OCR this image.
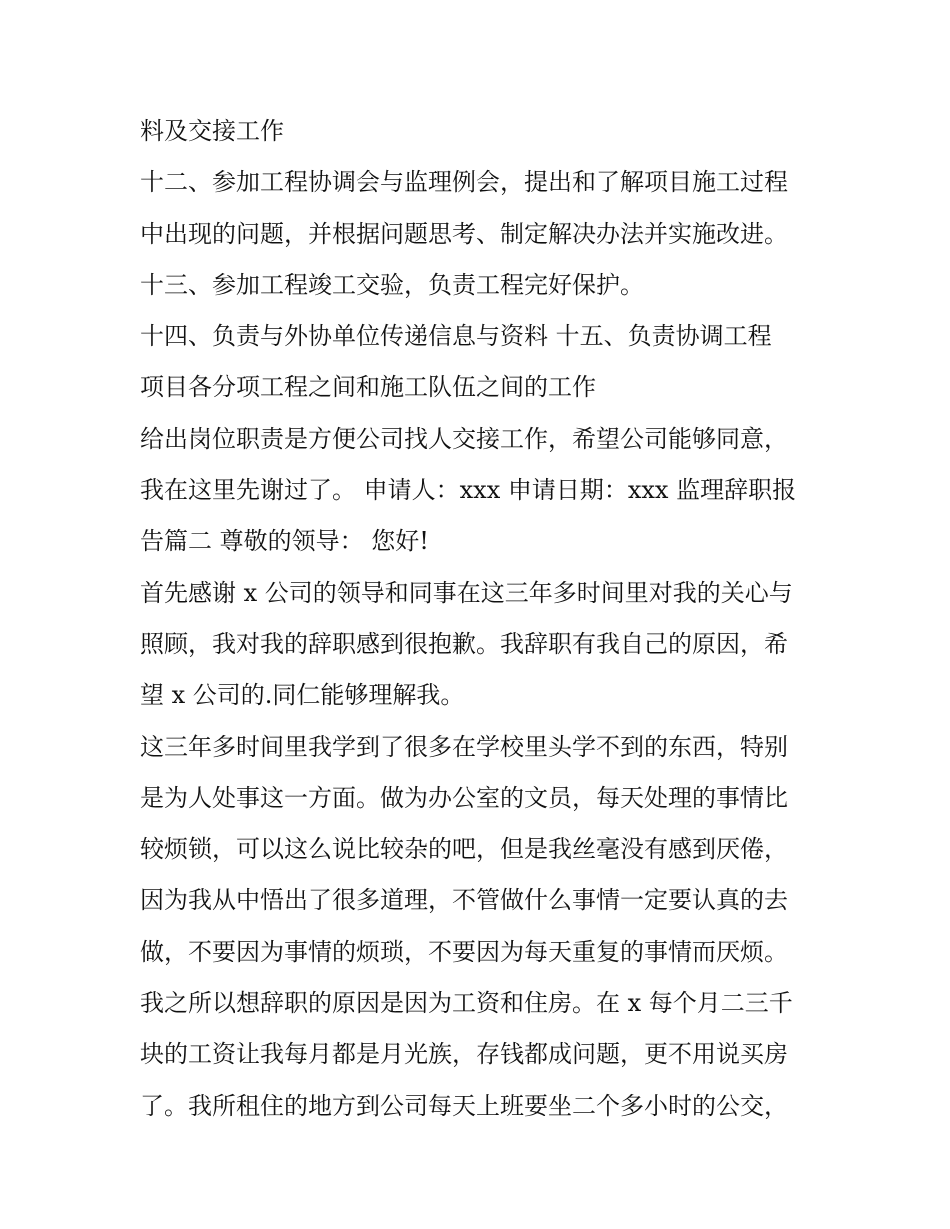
料及交接工作
十二、参加工程协调会与监理例会，提出和了解项目施工过程
中出现的问题，并根据问题思考、制定解决办法并实施改进。
十三、参加工程竣工交验，负责工程完好保护。
十四、负责与外协单位传递信息与资料 十五、负责协调工程
项目各分项工程之间和施工队伍之间的工作
给出岗位职责是方便公司找人交接工作，希望公司能够同意，
我在这里先谢过了。 申请人：xxx 申请日期：xxx 监理辞职报
告篇二 尊敬的领导： 您好!
首先感谢 x 公司的领导和同事在这三年多时间里对我的关心与
照顾，我对我的辞职感到很抱歉。我辞职有我自己的原因，希
望 x 公司的.同仁能够理解我。
这三年多时间里我学到了很多在学校里头学不到的东西，特别
是为人处事这一方面。做为办公室的文员，每天处理的事情比
较烦锁，可以这么说比较杂的吧，但是我丝毫没有感到厌倦，
因为我从中悟出了很多道理，不管做什么事情一定要认真的去
做，不要因为事情的烦琐，不要因为每天重复的事情而厌烦。
我之所以想辞职的原因是因为工资和住房。在 x 每个月二三千
块的工资让我每月都是月光族，存钱都成问题，更不用说买房
了。我所租住的地方到公司每天上班要坐二个多小时的公交，
